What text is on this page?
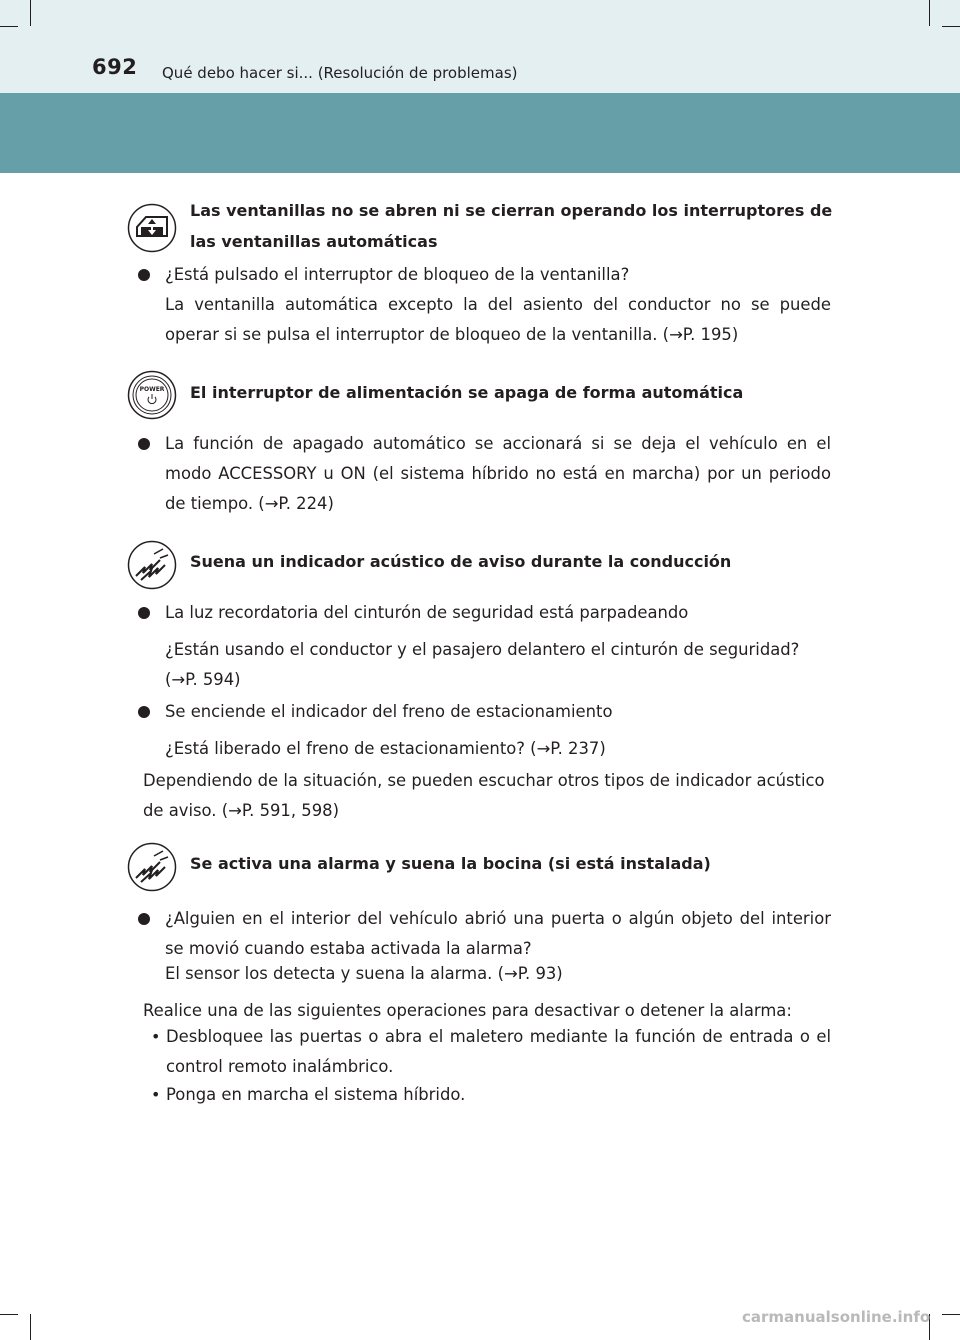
692 Qué debo hacer si... (Resolución de problemas)
Las ventanillas no se abren ni se cierran operando los interruptores de las ventanillas automáticas
¿Está pulsado el interruptor de bloqueo de la ventanilla?
La ventanilla automática excepto la del asiento del conductor no se puede operar si se pulsa el interruptor de bloqueo de la ventanilla. (→P. 195)
POWER El interruptor de alimentación se apaga de forma automática
La función de apagado automático se accionará si se deja el vehículo en el modo ACCESSORY u ON (el sistema híbrido no está en marcha) por un periodo de tiempo. (→P. 224)
Suena un indicador acústico de aviso durante la conducción
La luz recordatoria del cinturón de seguridad está parpadeando
¿Están usando el conductor y el pasajero delantero el cinturón de seguridad? (→P. 594)
Se enciende el indicador del freno de estacionamiento
¿Está liberado el freno de estacionamiento? (→P. 237)
Dependiendo de la situación, se pueden escuchar otros tipos de indicador acústico de aviso. (→P. 591, 598)
Se activa una alarma y suena la bocina (si está instalada)
¿Alguien en el interior del vehículo abrió una puerta o algún objeto del interior se movió cuando estaba activada la alarma?
El sensor los detecta y suena la alarma. (→P. 93)
Realice una de las siguientes operaciones para desactivar o detener la alarma:
• Desbloquee las puertas o abra el maletero mediante la función de entrada o el control remoto inalámbrico.
• Ponga en marcha el sistema híbrido.
carmanualsonline.info
